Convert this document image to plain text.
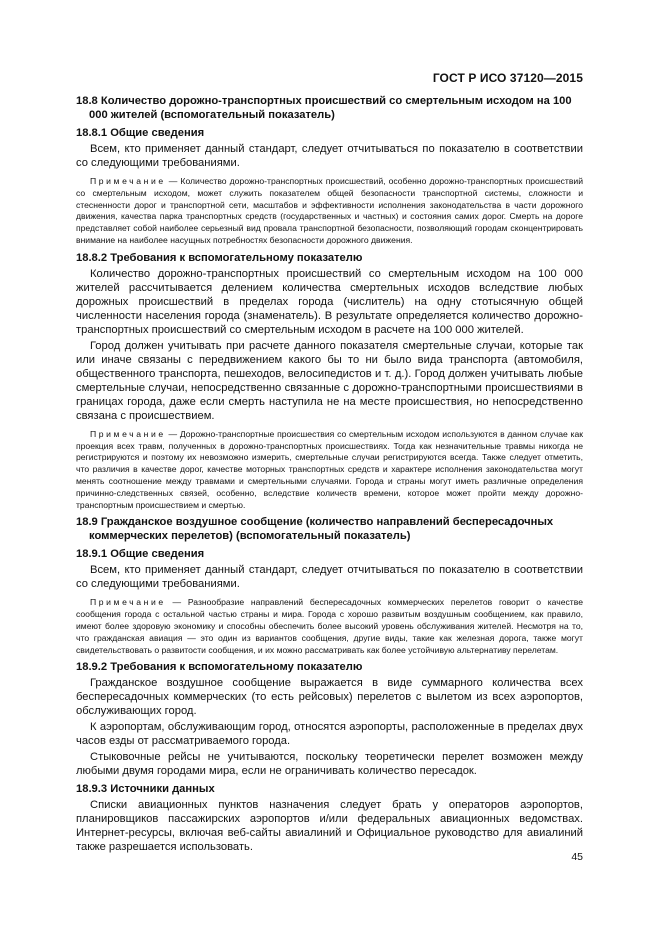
ГОСТ Р ИСО 37120—2015

18.8 Количество дорожно-транспортных происшествий со смертельным исходом на 100 000 жителей (вспомогательный показатель)

18.8.1 Общие сведения

Всем, кто применяет данный стандарт, следует отчитываться по показателю в соответствии со следующими требованиями.

Примечание — Количество дорожно-транспортных происшествий, особенно дорожно-транспортных происшествий со смертельным исходом, может служить показателем общей безопасности транспортной системы, сложности и стесненности дорог и транспортной сети, масштабов и эффективности исполнения законодательства в части дорожного движения, качества парка транспортных средств (государственных и частных) и состояния самих дорог. Смерть на дороге представляет собой наиболее серьезный вид провала транспортной безопасности, позволяющий городам сконцентрировать внимание на наиболее насущных потребностях безопасности дорожного движения.

18.8.2 Требования к вспомогательному показателю

Количество дорожно-транспортных происшествий со смертельным исходом на 100 000 жителей рассчитывается делением количества смертельных исходов вследствие любых дорожных происшествий в пределах города (числитель) на одну стотысячную общей численности населения города (знаменатель). В результате определяется количество дорожно-транспортных происшествий со смертельным исходом в расчете на 100 000 жителей.

Город должен учитывать при расчете данного показателя смертельные случаи, которые так или иначе связаны с передвижением какого бы то ни было вида транспорта (автомобиля, общественного транспорта, пешеходов, велосипедистов и т. д.). Город должен учитывать любые смертельные случаи, непосредственно связанные с дорожно-транспортными происшествиями в границах города, даже если смерть наступила не на месте происшествия, но непосредственно связана с происшествием.

Примечание — Дорожно-транспортные происшествия со смертельным исходом используются в данном случае как проекция всех травм, полученных в дорожно-транспортных происшествиях. Тогда как незначительные травмы никогда не регистрируются и поэтому их невозможно измерить, смертельные случаи регистрируются всегда. Также следует отметить, что различия в качестве дорог, качестве моторных транспортных средств и характере исполнения законодательства могут менять соотношение между травмами и смертельными случаями. Города и страны могут иметь различные определения причинно-следственных связей, особенно, вследствие количеств времени, которое может пройти между дорожно-транспортным происшествием и смертью.

18.9 Гражданское воздушное сообщение (количество направлений беспересадочных коммерческих перелетов) (вспомогательный показатель)

18.9.1 Общие сведения

Всем, кто применяет данный стандарт, следует отчитываться по показателю в соответствии со следующими требованиями.

Примечание — Разнообразие направлений беспересадочных коммерческих перелетов говорит о качестве сообщения города с остальной частью страны и мира. Города с хорошо развитым воздушным сообщением, как правило, имеют более здоровую экономику и способны обеспечить более высокий уровень обслуживания жителей. Несмотря на то, что гражданская авиация — это один из вариантов сообщения, другие виды, такие как железная дорога, также могут свидетельствовать о развитости сообщения, и их можно рассматривать как более устойчивую альтернативу перелетам.

18.9.2 Требования к вспомогательному показателю

Гражданское воздушное сообщение выражается в виде суммарного количества всех беспересадочных коммерческих (то есть рейсовых) перелетов с вылетом из всех аэропортов, обслуживающих город.

К аэропортам, обслуживающим город, относятся аэропорты, расположенные в пределах двух часов езды от рассматриваемого города.

Стыковочные рейсы не учитываются, поскольку теоретически перелет возможен между любыми двумя городами мира, если не ограничивать количество пересадок.

18.9.3 Источники данных

Списки авиационных пунктов назначения следует брать у операторов аэропортов, планировщиков пассажирских аэропортов и/или федеральных авиационных ведомствах. Интернет-ресурсы, включая веб-сайты авиалиний и Официальное руководство для авиалиний также разрешается использовать.

45
